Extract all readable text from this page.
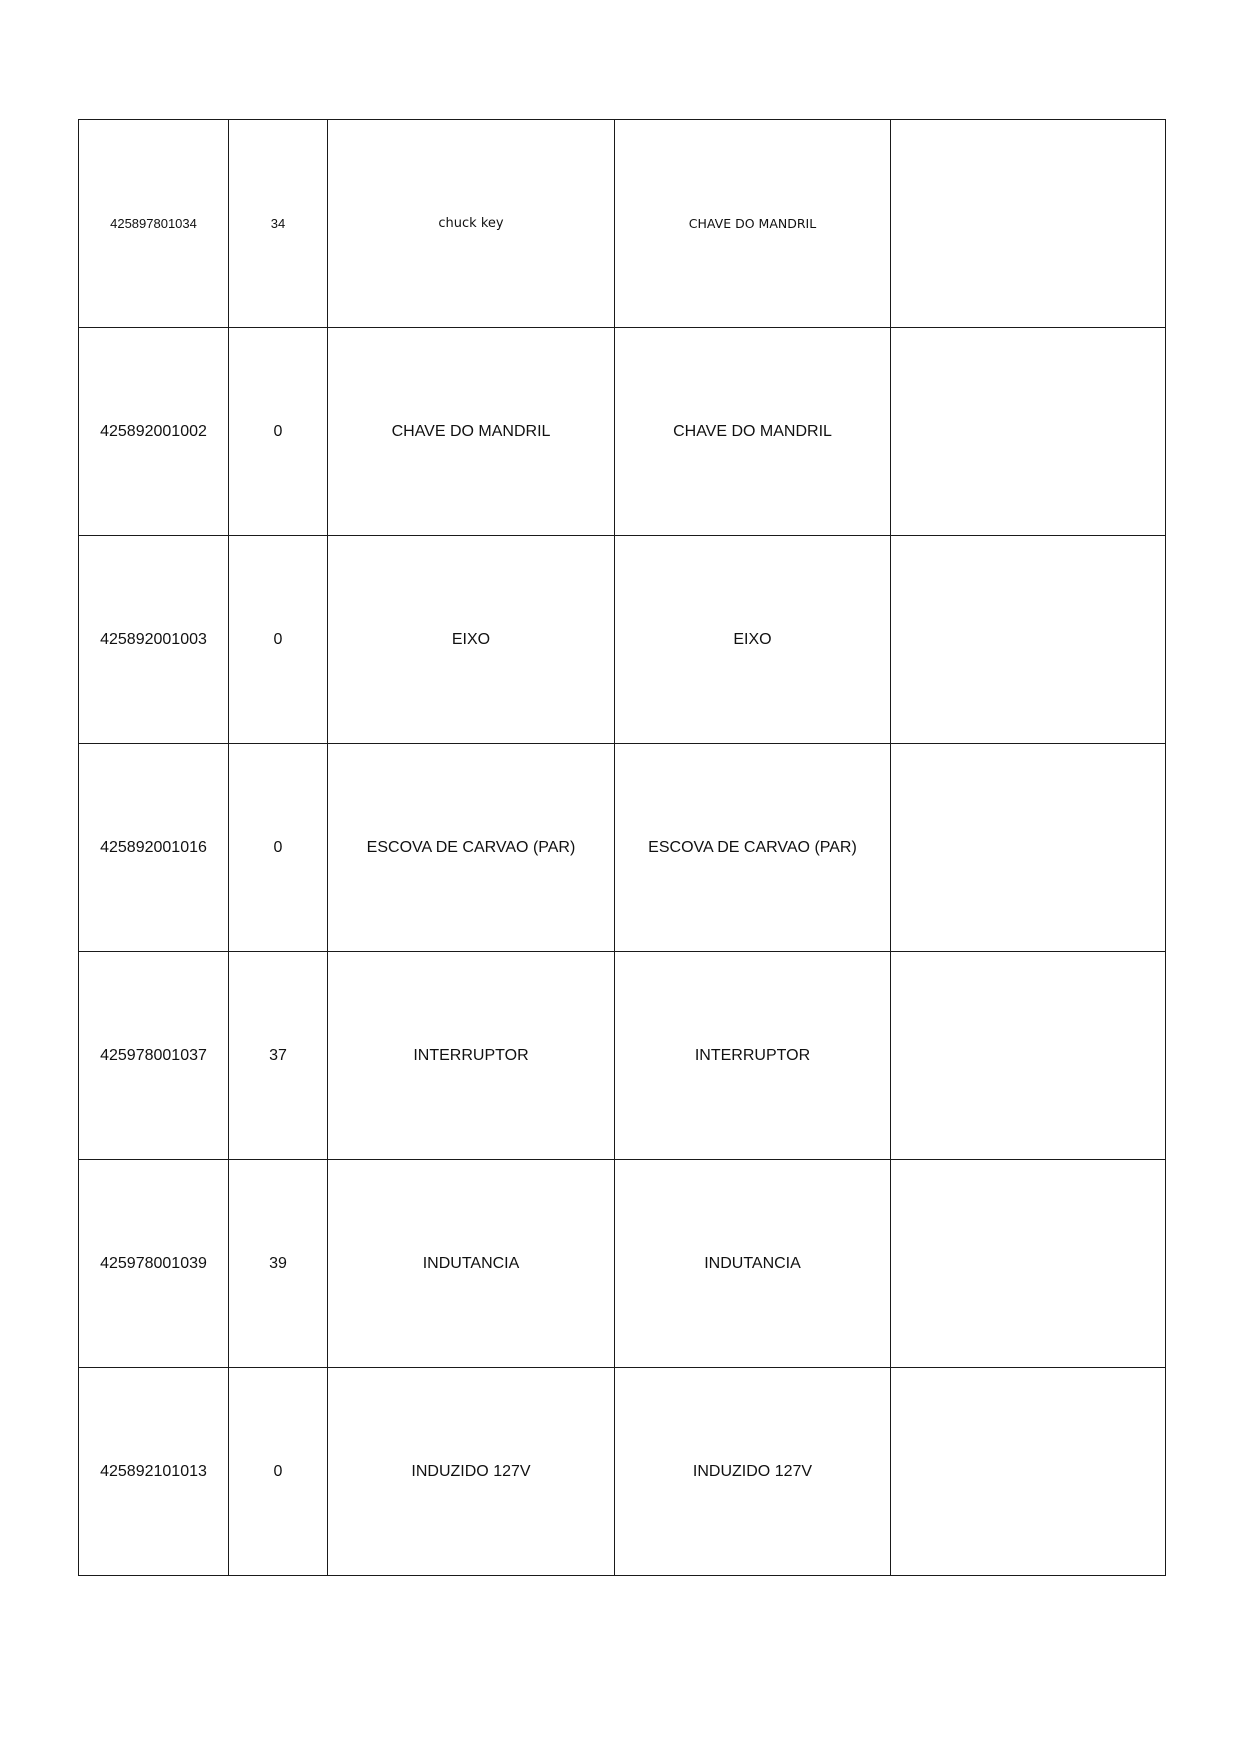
425897801034	34	chuck key	CHAVE DO MANDRIL	
425892001002	0	CHAVE DO MANDRIL	CHAVE DO MANDRIL	
425892001003	0	EIXO	EIXO	
425892001016	0	ESCOVA DE CARVAO (PAR)	ESCOVA DE CARVAO (PAR)	
425978001037	37	INTERRUPTOR	INTERRUPTOR	
425978001039	39	INDUTANCIA	INDUTANCIA	
425892101013	0	INDUZIDO 127V	INDUZIDO 127V	
